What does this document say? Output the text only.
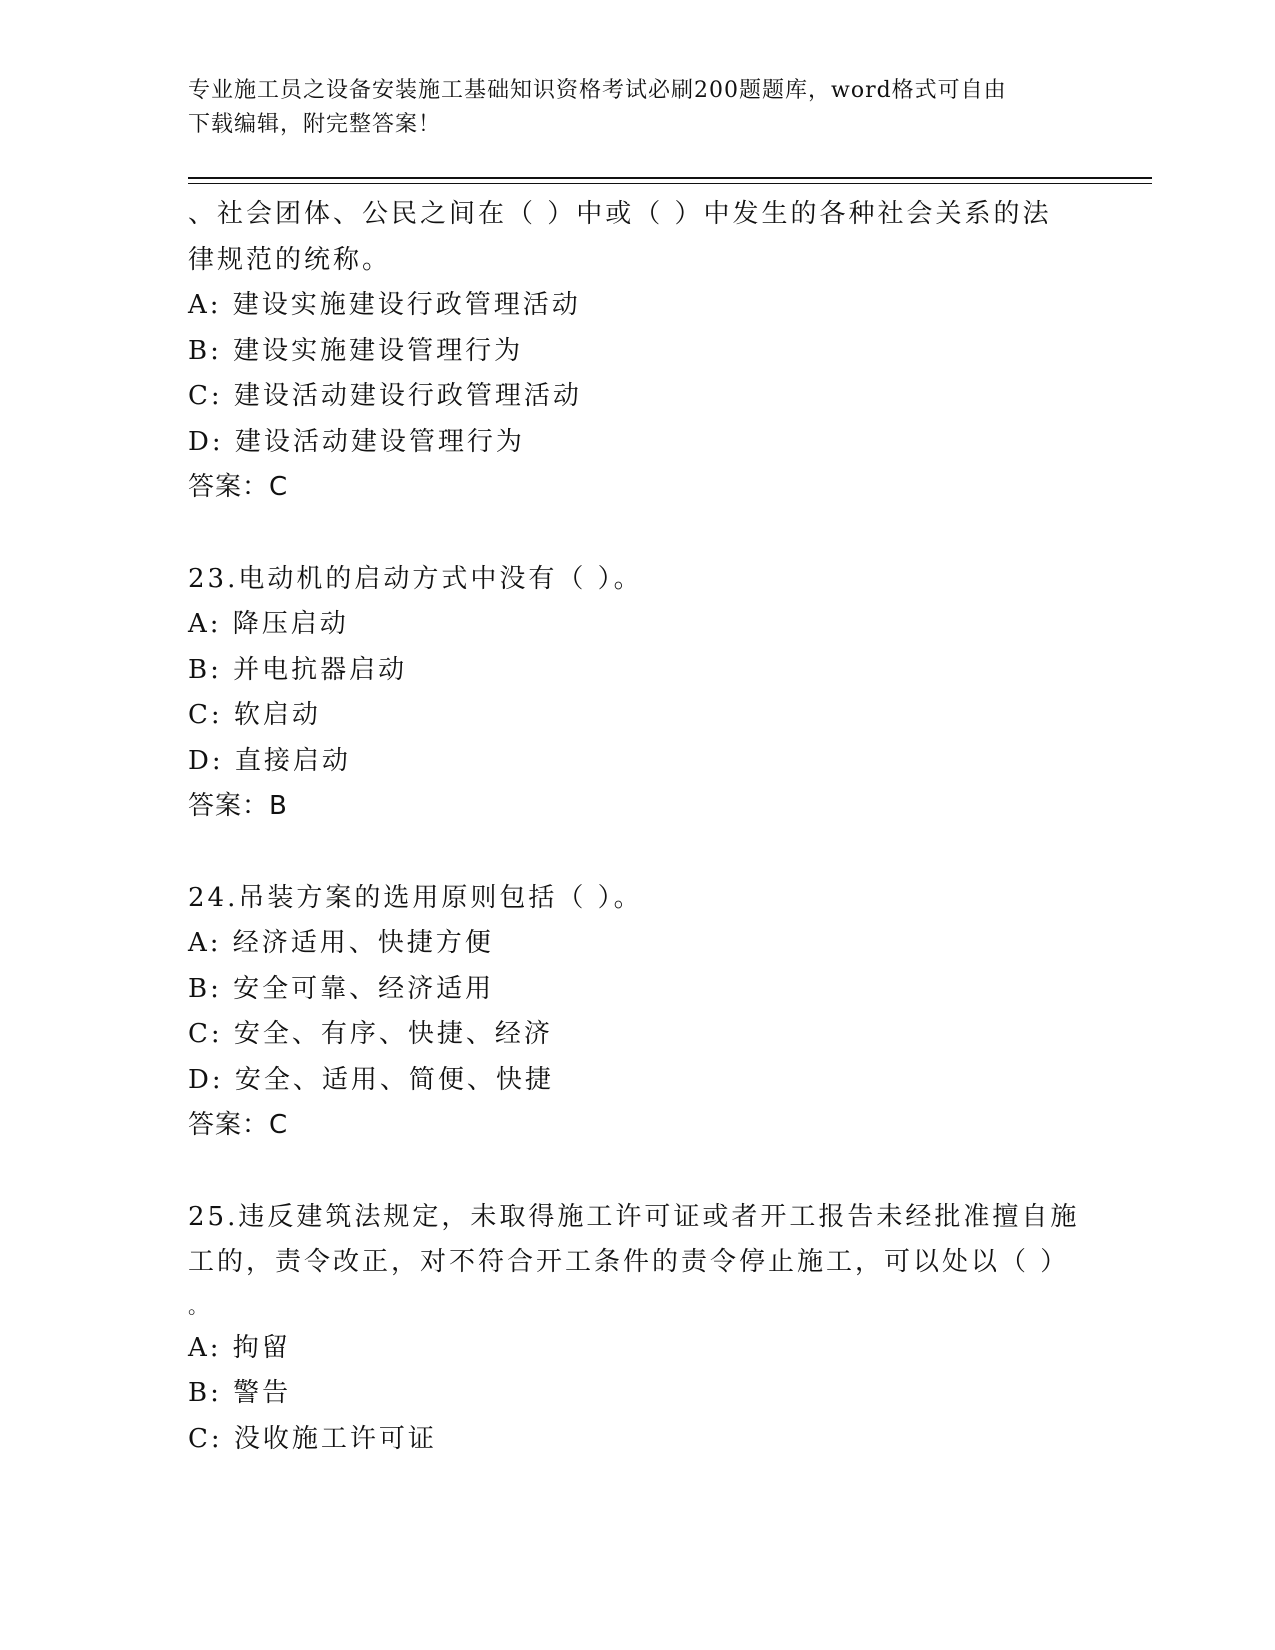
专业施工员之设备安装施工基础知识资格考试必刷200题题库，word格式可自由
下载编辑，附完整答案！
、社会团体、公民之间在（ ）中或（ ）中发生的各种社会关系的法
律规范的统称。
A: 建设实施建设行政管理活动
B: 建设实施建设管理行为
C: 建设活动建设行政管理活动
D: 建设活动建设管理行为
答案：C
23.电动机的启动方式中没有（ ）。
A: 降压启动
B: 并电抗器启动
C: 软启动
D: 直接启动
答案：B
24.吊装方案的选用原则包括（ ）。
A: 经济适用、快捷方便
B: 安全可靠、经济适用
C: 安全、有序、快捷、经济
D: 安全、适用、简便、快捷
答案：C
25.违反建筑法规定，未取得施工许可证或者开工报告未经批准擅自施
工的，责令改正，对不符合开工条件的责令停止施工，可以处以（ ）
。
A: 拘留
B: 警告
C: 没收施工许可证
